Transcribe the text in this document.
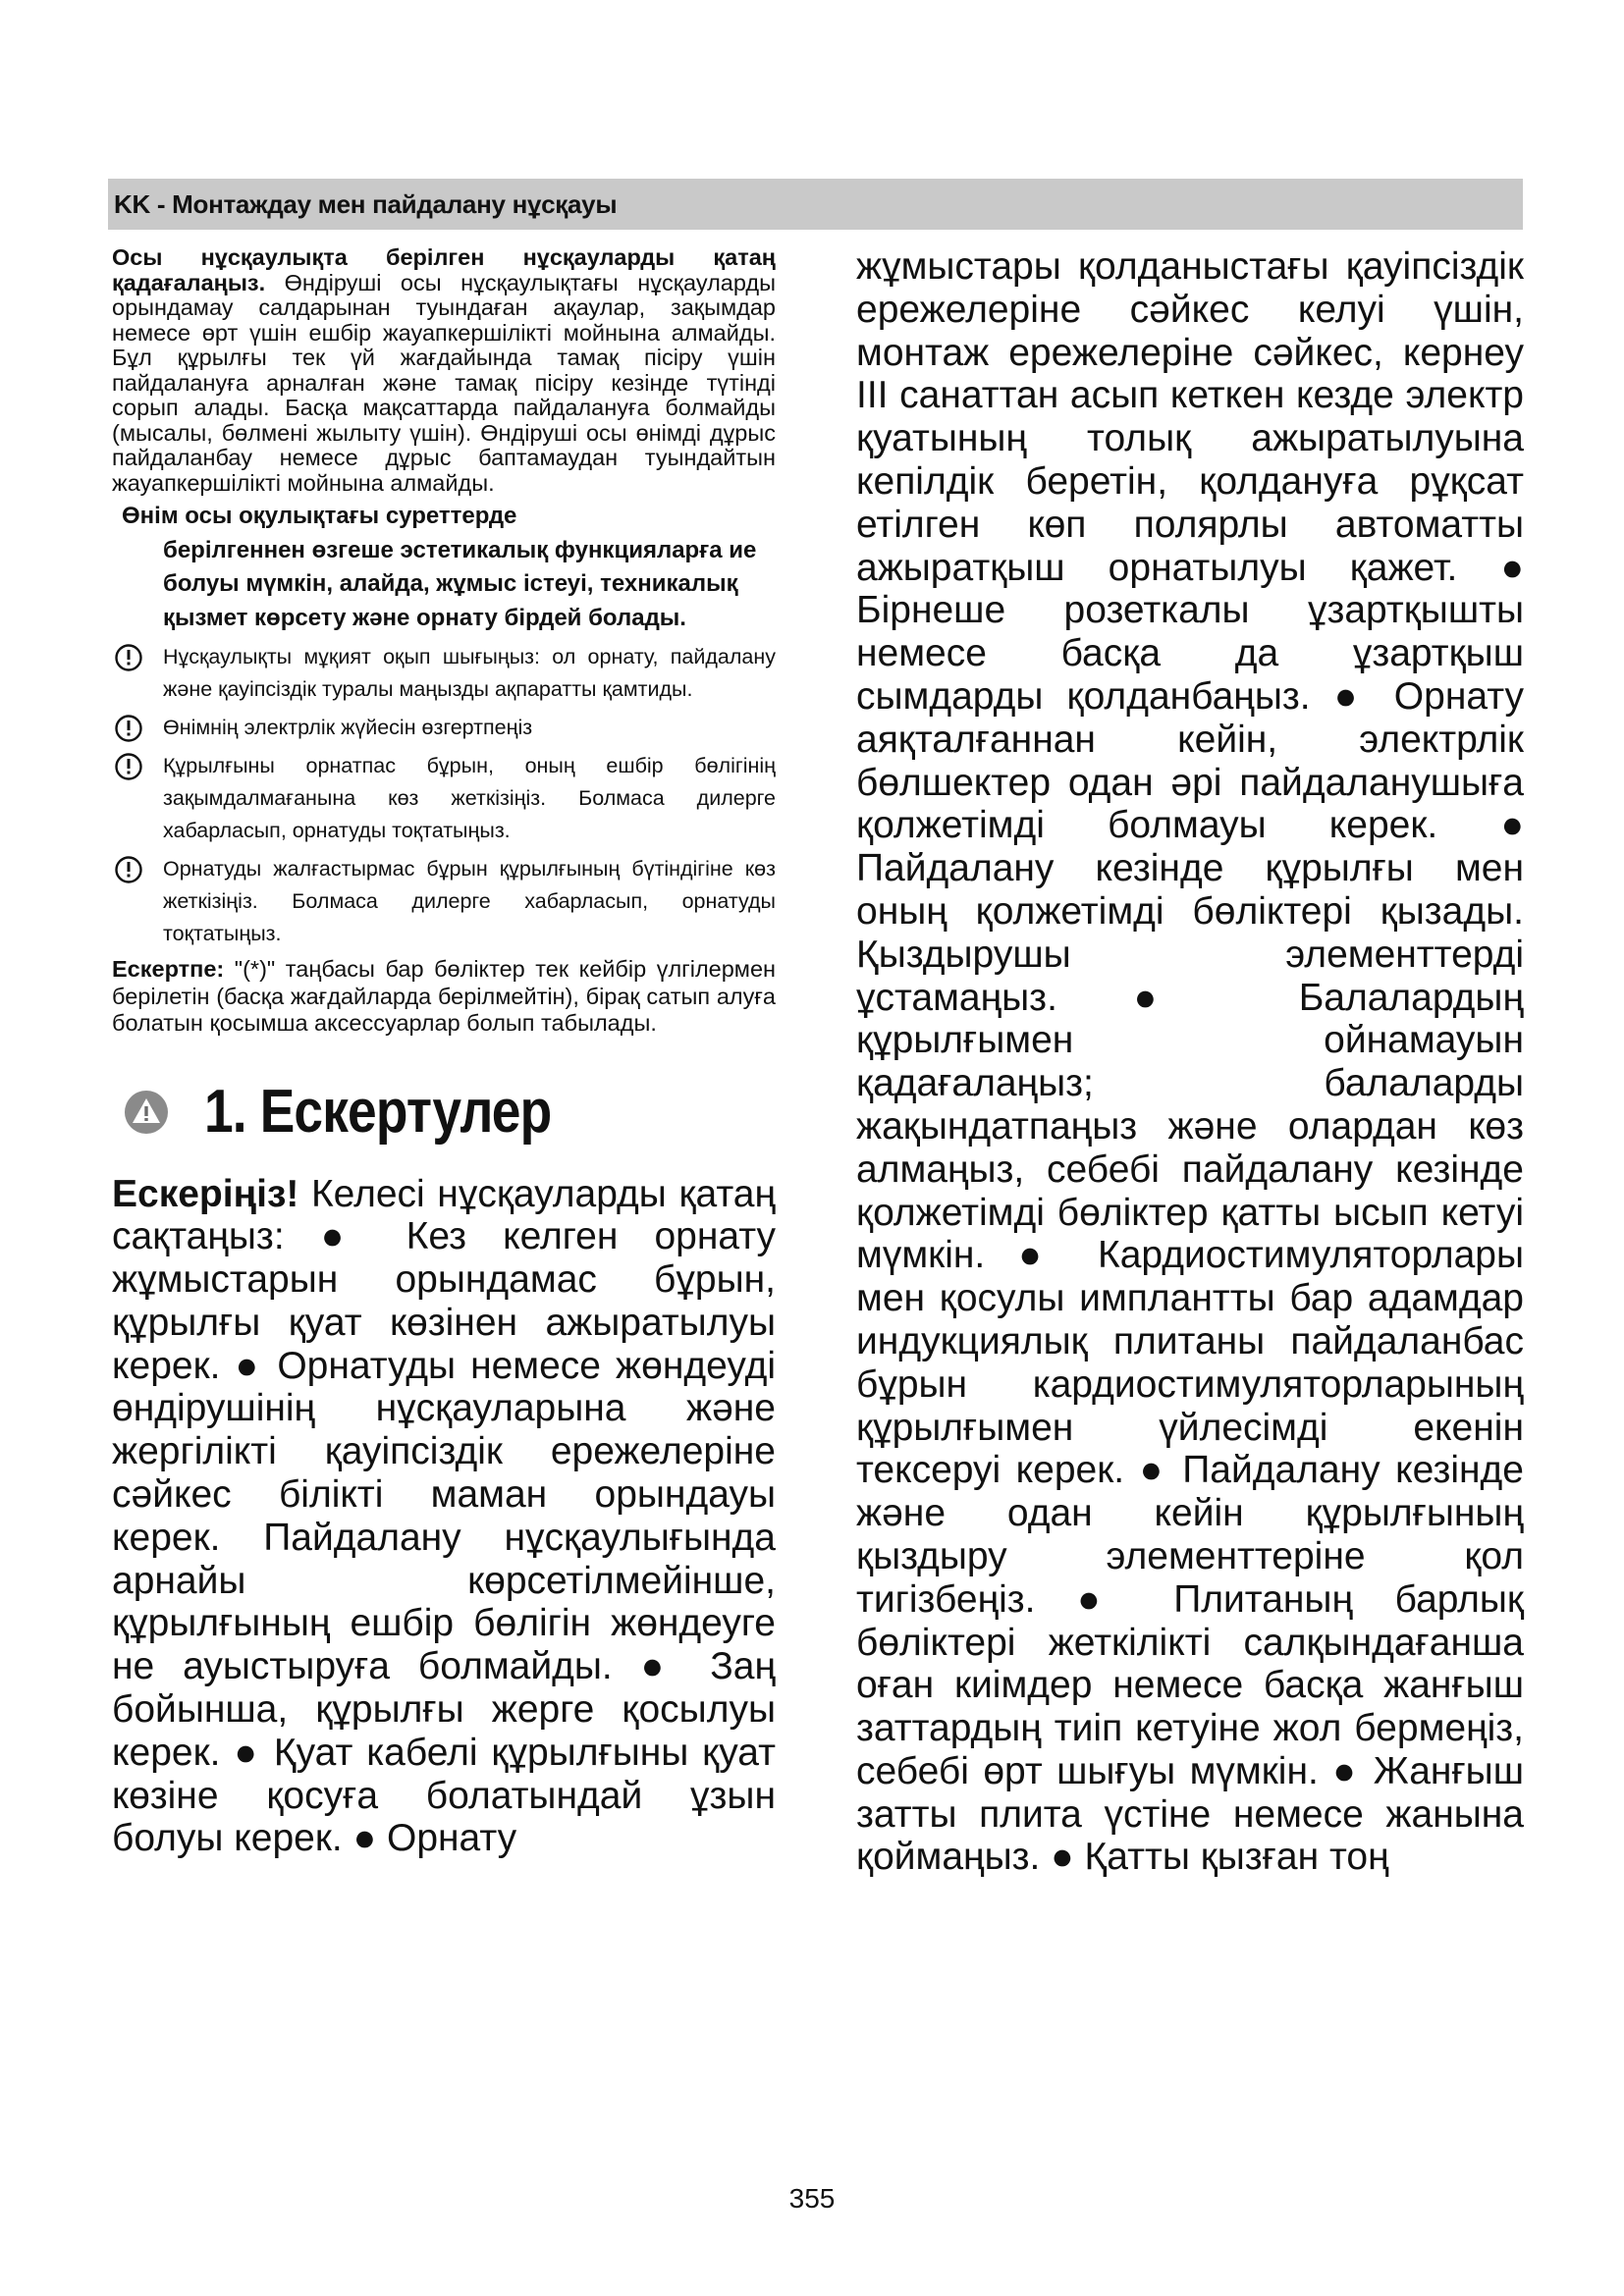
KK - Монтаждау мен пайдалану нұсқауы

Осы нұсқаулықта берілген нұсқауларды қатаң қадағалаңыз. Өндіруші осы нұсқаулықтағы нұсқауларды орындамау салдарынан туындаған ақаулар, зақымдар немесе өрт үшін ешбір жауапкершілікті мойнына алмайды. Бұл құрылғы тек үй жағдайында тамақ пісіру үшін пайдалануға арналған және тамақ пісіру кезінде түтінді сорып алады. Басқа мақсаттарда пайдалануға болмайды (мысалы, бөлмені жылыту үшін). Өндіруші осы өнімді дұрыс пайдаланбау немесе дұрыс баптамаудан туындайтын жауапкершілікті мойнына алмайды.

Өнім осы оқулықтағы суреттерде
берілгеннен өзгеше эстетикалық функцияларға ие болуы мүмкін, алайда, жұмыс істеуі, техникалық қызмет көрсету және орнату бірдей болады.
Нұсқаулықты мұқият оқып шығыңыз: ол орнату, пайдалану және қауіпсіздік туралы маңызды ақпаратты қамтиды.
Өнімнің электрлік жүйесін өзгертпеңіз
Құрылғыны орнатпас бұрын, оның ешбір бөлігінің зақымдалмағанына көз жеткізіңіз. Болмаса дилерге хабарласып, орнатуды тоқтатыңыз.
Орнатуды жалғастырмас бұрын құрылғының бүтіндігіне көз жеткізіңіз. Болмаса дилерге хабарласып, орнатуды тоқтатыңыз.

Ескертпе: "(*)" таңбасы бар бөліктер тек кейбір үлгілермен берілетін (басқа жағдайларда берілмейтін), бірақ сатып алуға болатын қосымша аксессуарлар болып табылады.

1. Ескертулер

Ескеріңіз! Келесі нұсқауларды қатаң сақтаңыз: ● Кез келген орнату жұмыстарын орындамас бұрын, құрылғы қуат көзінен ажыратылуы керек. ● Орнатуды немесе жөндеуді өндірушінің нұсқауларына және жергілікті қауіпсіздік ережелеріне сәйкес білікті маман орындауы керек. Пайдалану нұсқаулығында арнайы көрсетілмейінше, құрылғының ешбір бөлігін жөндеуге не ауыстыруға болмайды. ● Заң бойынша, құрылғы жерге қосылуы керек. ● Қуат кабелі құрылғыны қуат көзіне қосуға болатындай ұзын болуы керек. ● Орнату

жұмыстары қолданыстағы қауіпсіздік ережелеріне сәйкес келуі үшін, монтаж ережелеріне сәйкес, кернеу III санаттан асып кеткен кезде электр қуатының толық ажыратылуына кепілдік беретін, қолдануға рұқсат етілген көп полярлы автоматты ажыратқыш орнатылуы қажет. ● Бірнеше розеткалы ұзартқышты немесе басқа да ұзартқыш сымдарды қолданбаңыз. ● Орнату аяқталғаннан кейін, электрлік бөлшектер одан әрі пайдаланушыға қолжетімді болмауы керек. ● Пайдалану кезінде құрылғы мен оның қолжетімді бөліктері қызады. Қыздырушы элементтерді ұстамаңыз. ● Балалардың құрылғымен ойнамауын қадағалаңыз; балаларды жақындатпаңыз және олардан көз алмаңыз, себебі пайдалану кезінде қолжетімді бөліктер қатты ысып кетуі мүмкін. ● Кардиостимуляторлары мен қосулы имплантты бар адамдар индукциялық плитаны пайдаланбас бұрын кардиостимуляторларының құрылғымен үйлесімді екенін тексеруі керек. ● Пайдалану кезінде және одан кейін құрылғының қыздыру элементтеріне қол тигізбеңіз. ● Плитаның барлық бөліктері жеткілікті салқындағанша оған киімдер немесе басқа жанғыш заттардың тиіп кетуіне жол бермеңіз, себебі өрт шығуы мүмкін. ● Жанғыш затты плита үстіне немесе жанына қоймаңыз. ● Қатты қызған тоң

355
